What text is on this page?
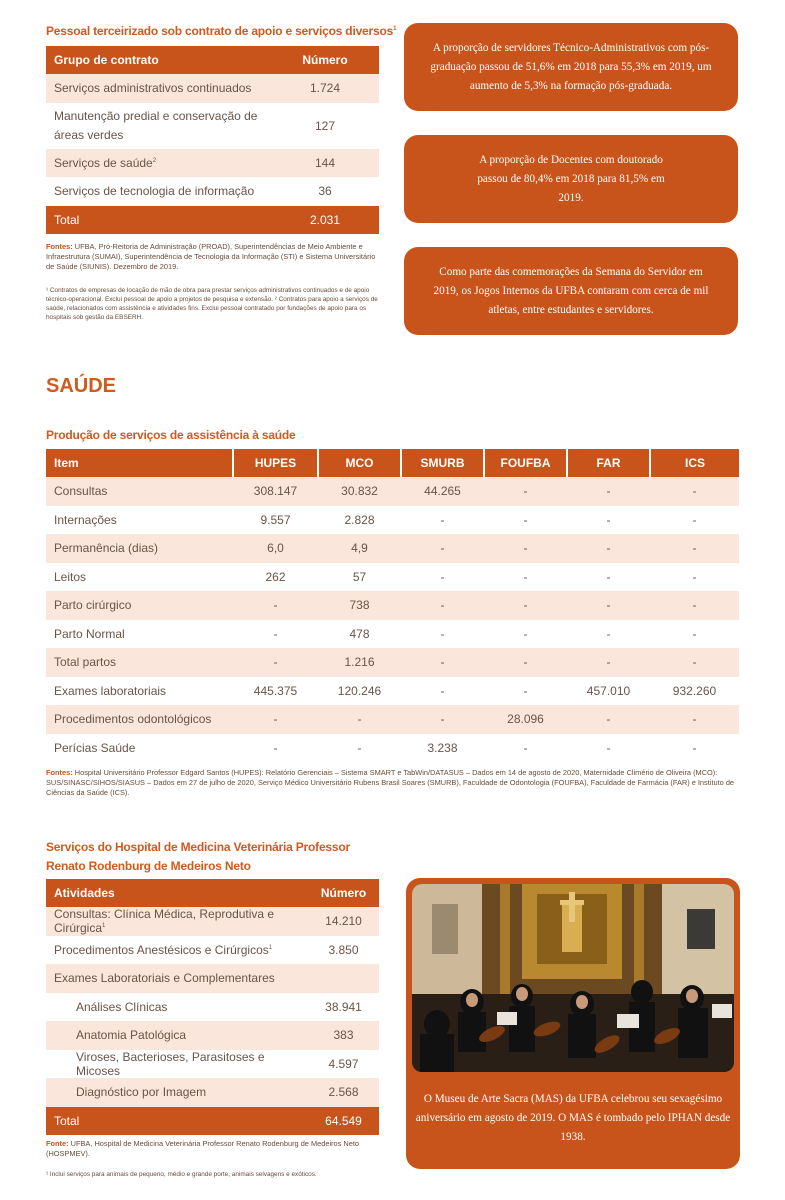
Pessoal terceirizado sob contrato de apoio e serviços diversos$^1$
Grupo de contrato	Número
Serviços administrativos continuados	1.724
Manutenção predial e conservação de áreas verdes	127
Serviços de saúde$^2$	144
Serviços de tecnologia de informação	36
Total	2.031
Fontes: UFBA, Pró-Reitoria de Administração (PROAD), Superintendências de Meio Ambiente e Infraestrutura (SUMAI), Superintendência de Tecnologia da Informação (STI) e Sistema Universitário de Saúde (SIUNIS). Dezembro de 2019.
¹ Contratos de empresas de locação de mão de obra para prestar serviços administrativos continuados e de apoio técnico-operacional. Exclui pessoal de apoio a projetos de pesquisa e extensão. ² Contratos para apoio a serviços de saúde, relacionados com assistência e atividades fins. Exclui pessoal contratado por fundações de apoio para os hospitais sob gestão da EBSERH.
A proporção de servidores Técnico-Administrativos com pós-graduação passou de 51,6% em 2018 para 55,3% em 2019, um aumento de 5,3% na formação pós-graduada.
A proporção de Docentes com doutorado passou de 80,4% em 2018 para 81,5% em 2019.
Como parte das comemorações da Semana do Servidor em 2019, os Jogos Internos da UFBA contaram com cerca de mil atletas, entre estudantes e servidores.
SAÚDE
Produção de serviços de assistência à saúde
Item	HUPES	MCO	SMURB	FOUFBA	FAR	ICS
Consultas	308.147	30.832	44.265	-	-	-
Internações	9.557	2.828	-	-	-	-
Permanência (dias)	6,0	4,9	-	-	-	-
Leitos	262	57	-	-	-	-
Parto cirúrgico	-	738	-	-	-	-
Parto Normal	-	478	-	-	-	-
Total partos	-	1.216	-	-	-	-
Exames laboratoriais	445.375	120.246	-	-	457.010	932.260
Procedimentos odontológicos	-	-	-	28.096	-	-
Perícias Saúde	-	-	3.238	-	-	-
Fontes: Hospital Universitário Professor Edgard Santos (HUPES): Relatório Gerenciais – Sistema SMART e TabWin/DATASUS – Dados em 14 de agosto de 2020, Maternidade Climério de Oliveira (MCO): SUS/SINASC/SIHOS/SIASUS – Dados em 27 de julho de 2020, Serviço Médico Universitário Rubens Brasil Soares (SMURB), Faculdade de Odontologia (FOUFBA), Faculdade de Farmácia (FAR) e Instituto de Ciências da Saúde (ICS).
Serviços do Hospital de Medicina Veterinária Professor Renato Rodenburg de Medeiros Neto
Atividades	Número
Consultas: Clínica Médica, Reprodutiva e Cirúrgica$^1$	14.210
Procedimentos Anestésicos e Cirúrgicos$^1$	3.850
Exames Laboratoriais e Complementares	
Análises Clínicas	38.941
Anatomia Patológica	383
Viroses, Bacterioses, Parasitoses e Micoses	4.597
Diagnóstico por Imagem	2.568
Total	64.549
Fonte: UFBA, Hospital de Medicina Veterinária Professor Renato Rodenburg de Medeiros Neto (HOSPMEV).
¹ Inclui serviços para animais de pequeno, médio e grande porte, animais selvagens e exóticos.
O Museu de Arte Sacra (MAS) da UFBA celebrou seu sexagésimo aniversário em agosto de 2019. O MAS é tombado pelo IPHAN desde 1938.
